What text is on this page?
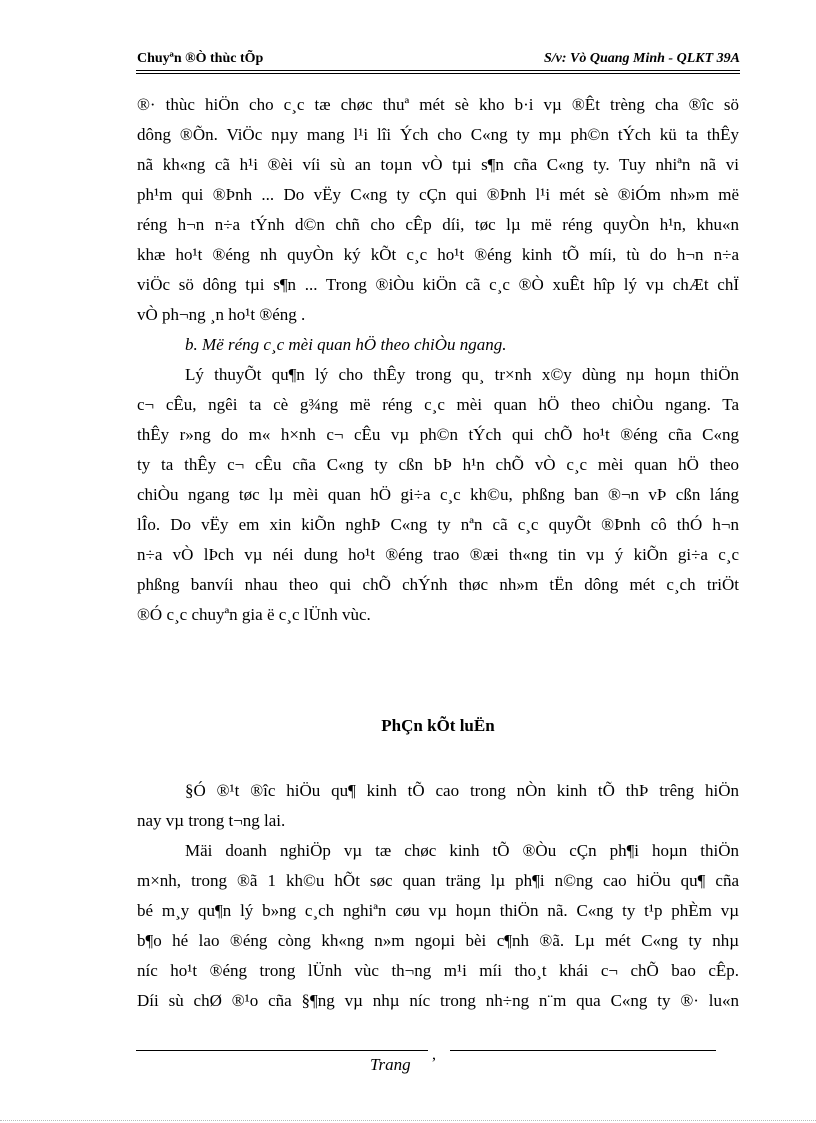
Chuyªn ®Ò thùc tÕp	S/v: Vò Quang Minh - QLKT 39A
®· thùc hiÖn cho c¸c tæ chøc thuª mét sè kho b·i vµ ®Êt trèng cha ®îc sö
dông ®Õn. ViÖc nµy mang l¹i lîi Ých cho C«ng ty mµ ph©n tÝch kü ta thÊy
nã kh«ng cã h¹i ®èi víi sù an toµn vÒ tµi s¶n cña C«ng ty. Tuy nhiªn nã vi
ph¹m qui ®Þnh ... Do vËy C«ng ty cÇn qui ®Þnh l¹i mét sè ®iÓm nh»m më
réng h¬n n÷a tÝnh d©n chñ cho cÊp díi, tøc lµ më réng quyÒn h¹n, khu«n
khæ ho¹t ®éng nh quyÒn ký kÕt c¸c ho¹t ®éng kinh tÕ míi, tù do h¬n n÷a
viÖc sö dông tµi s¶n ... Trong ®iÒu kiÖn cã c¸c ®Ò xuÊt hîp lý vµ chÆt chÏ
vÒ ph¬ng ¸n ho¹t ®éng .
b. Më réng c¸c mèi quan hÖ theo chiÒu ngang.
Lý thuyÕt qu¶n lý cho thÊy trong qu¸ tr×nh x©y dùng nµ hoµn thiÖn
c¬ cÊu, ngêi ta cè g¾ng më réng c¸c mèi quan hÖ theo chiÒu ngang. Ta
thÊy r»ng do m« h×nh c¬ cÊu vµ ph©n tÝch qui chÕ ho¹t ®éng cña C«ng
ty ta thÊy c¬ cÊu cña C«ng ty cßn bÞ h¹n chÕ vÒ c¸c mèi quan hÖ theo
chiÒu ngang tøc lµ mèi quan hÖ gi÷a c¸c kh©u, phßng ban ®¬n vÞ cßn láng
lÎo. Do vËy em xin kiÕn nghÞ C«ng ty nªn cã c¸c quyÕt ®Þnh cô thÓ h¬n
n÷a vÒ lÞch vµ néi dung ho¹t ®éng trao ®æi th«ng tin vµ ý kiÕn gi÷a c¸c
phßng banvíi nhau theo qui chÕ chÝnh thøc nh»m tËn dông mét c¸ch triÖt
®Ó c¸c chuyªn gia ë c¸c lÜnh vùc.
PhÇn kÕt luËn
§Ó ®¹t ®îc hiÖu qu¶ kinh tÕ cao trong nÒn kinh tÕ thÞ trêng hiÖn
nay vµ trong t¬ng lai.
Mäi doanh nghiÖp vµ tæ chøc kinh tÕ ®Òu cÇn ph¶i hoµn thiÖn
m×nh, trong ®ã 1 kh©u hÕt søc quan träng lµ ph¶i n©ng cao hiÖu qu¶ cña
bé m¸y qu¶n lý b»ng c¸ch nghiªn cøu vµ hoµn thiÖn nã. C«ng ty t¹p phÈm vµ
b¶o hé lao ®éng còng kh«ng n»m ngoµi bèi c¶nh ®ã. Lµ mét C«ng ty nhµ
níc ho¹t ®éng trong lÜnh vùc th¬ng m¹i míi tho¸t khái c¬ chÕ bao cÊp.
Díi sù chØ ®¹o cña §¶ng vµ nhµ níc trong nh÷ng n¨m qua C«ng ty ®· lu«n
,
Trang
